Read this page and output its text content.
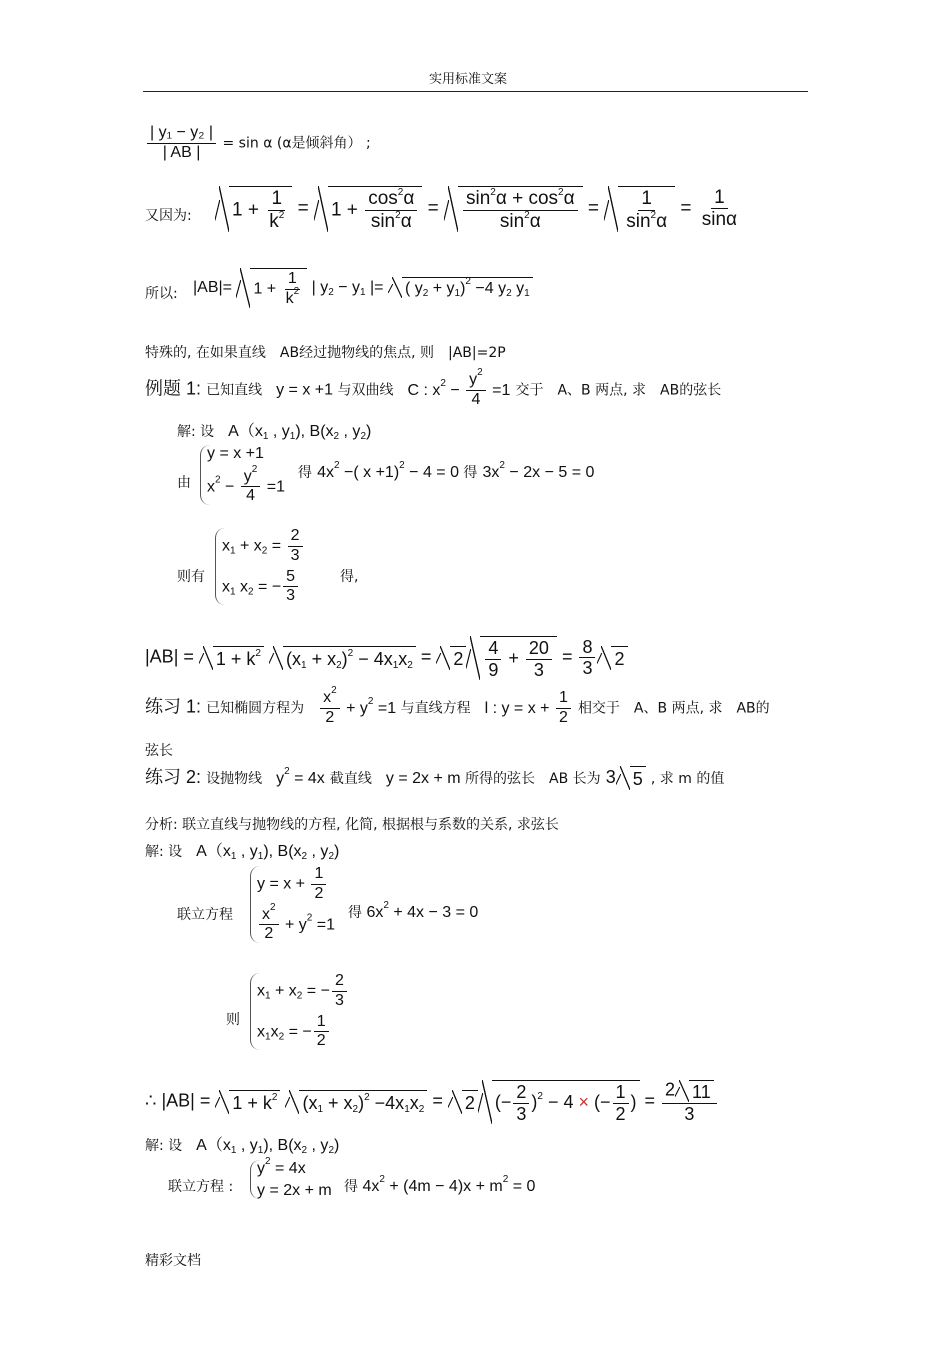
实用标准文案
$\frac{\text{| y₁ − y₂ |}}{| AB |} = \sin \alpha$ (α是倾斜角） ;
又因为:	$1 + \frac{1}{k^2} = 1 + \frac{\cos^2\alpha}{\sin^2\alpha} = \frac{\sin^2\alpha + \cos^2\alpha}{\sin^2\alpha} = \frac{1}{\sin^2\alpha} = \frac{1}{\sin\alpha}$
所以: $|AB|= 1 + \frac{1}{k^2}$ | $y_2 - y_1$ |= ( $y_2 + y_1)^2 -4$ $y_2$ $y_1$
特殊的, 在如果直线　AB经过抛物线的焦点, 则　|AB|=2P
例题 1: 已知直线   y = x +1 与双曲线   C : $x^2 - \frac{y^2}{4} =1$ 交于　A、B 两点, 求　AB的弦长
解: 设   $A(x_1$ , $y_1$), $B(x_2$ , $y_2$)
由
y = x +1
$x^2 - \frac{y^2}{4} =1$
得 $4x^2$ −( x +1)$^2$ − 4 = 0 得 $3x^2 - 2x - 5 = 0$
则有
$x_1 + x_2 = \frac{2}{3}$
$x_1$ $x_2$ = − $\frac{5}{3}$	得,
$|AB| = 1 + k^2$ $(x_1 + x_2)^2 - 4x_1x_2 = 2 \frac{4}{9} + \frac{20}{3} = \frac{8}{3} 2$
练习 1: 已知椭圆方程为 $\frac{x^2}{2} + y^2 =1$ 与直线方程   l : $y = x + \frac{1}{2}$ 相交于　A、B 两点, 求　AB的
弦长
练习 2: 设抛物线   $y^2 = 4x$ 截直线   y = 2x + m 所得的弦长　AB 长为 3 5 , 求 m 的值
分析: 联立直线与抛物线的方程, 化简, 根据根与系数的关系, 求弦长
解: 设   $A(x_1$ , $y_1$), $B(x_2$ , $y_2$)
联立方程
$y = x + \frac{1}{2}$
$\frac{x^2}{2} + y^2 =1$
得 $6x^2 + 4x - 3 = 0$
则
$x_1 + x_2$ = − $\frac{2}{3}$
$x_1x_2$ = − $\frac{1}{2}$
∴ $|AB| = 1 + k^2$ $(x_1 + x_2)^2 -4x_1x_2 = 2$ (− $\frac{2}{3} )^2 - 4$ × (− $\frac{1}{2}$ ) = $\frac{2 11}{3}$
解: 设   $A(x_1$ , $y_1$), $B(x_2$ , $y_2$)
联立方程 :
$y^2 = 4x$
y = 2x + m 得 $4x^2 + (4m - 4)x + m^2 = 0$
精彩文档
